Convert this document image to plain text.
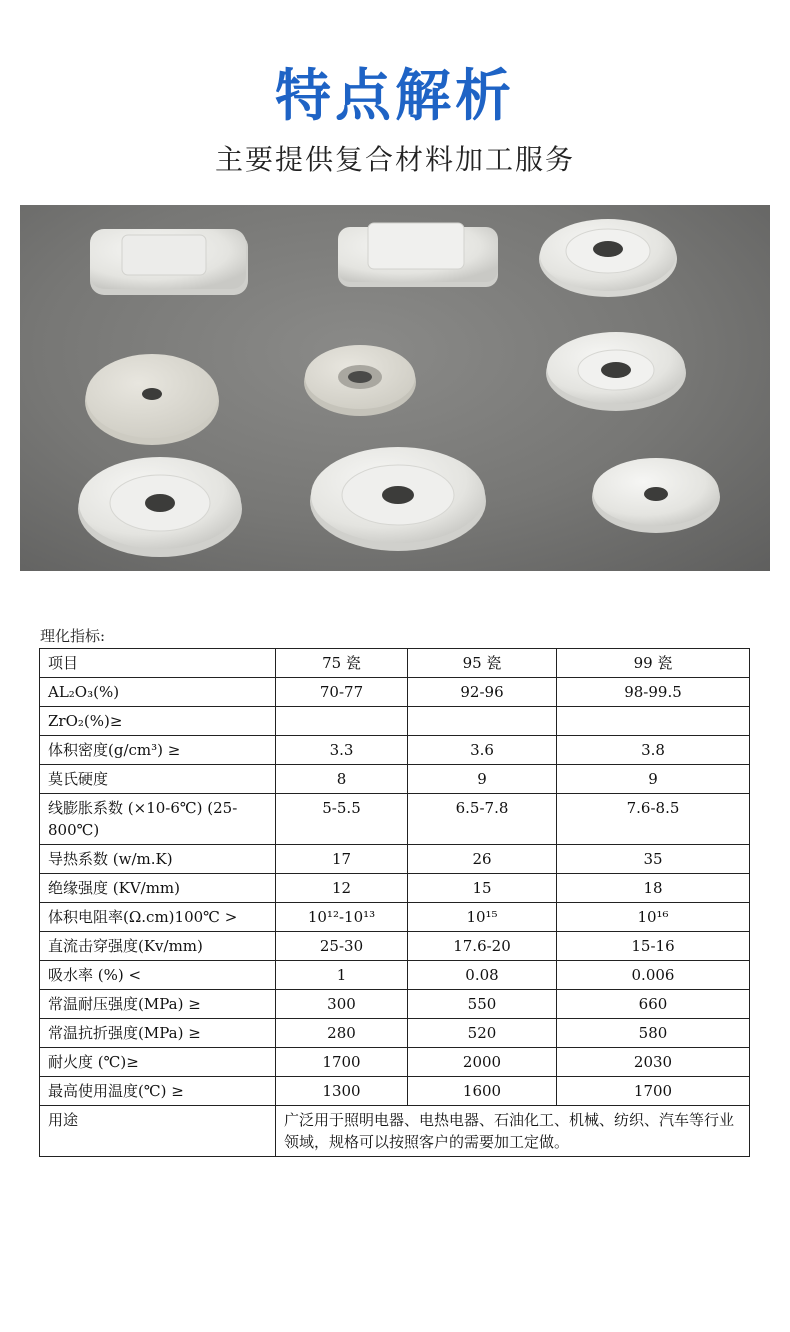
特点解析
主要提供复合材料加工服务
理化指标:
项目	75 瓷	95 瓷	99 瓷
AL₂O₃(%)	70-77	92-96	98-99.5
ZrO₂(%)≥			
体积密度(g/cm³) ≥	3.3	3.6	3.8
莫氏硬度	8	9	9
线膨胀系数 (×10-6℃) (25-800℃)	5-5.5	6.5-7.8	7.6-8.5
导热系数 (w/m.K)	17	26	35
绝缘强度 (KV/mm)	12	15	18
体积电阻率(Ω.cm)100℃ >	10¹²-10¹³	10¹⁵	10¹⁶
直流击穿强度(Kv/mm)	25-30	17.6-20	15-16
吸水率 (%) <	1	0.08	0.006
常温耐压强度(MPa) ≥	300	550	660
常温抗折强度(MPa) ≥	280	520	580
耐火度 (℃)≥	1700	2000	2030
最高使用温度(℃) ≥	1300	1600	1700
用途	广泛用于照明电器、电热电器、石油化工、机械、纺织、汽车等行业领域，规格可以按照客户的需要加工定做。		
